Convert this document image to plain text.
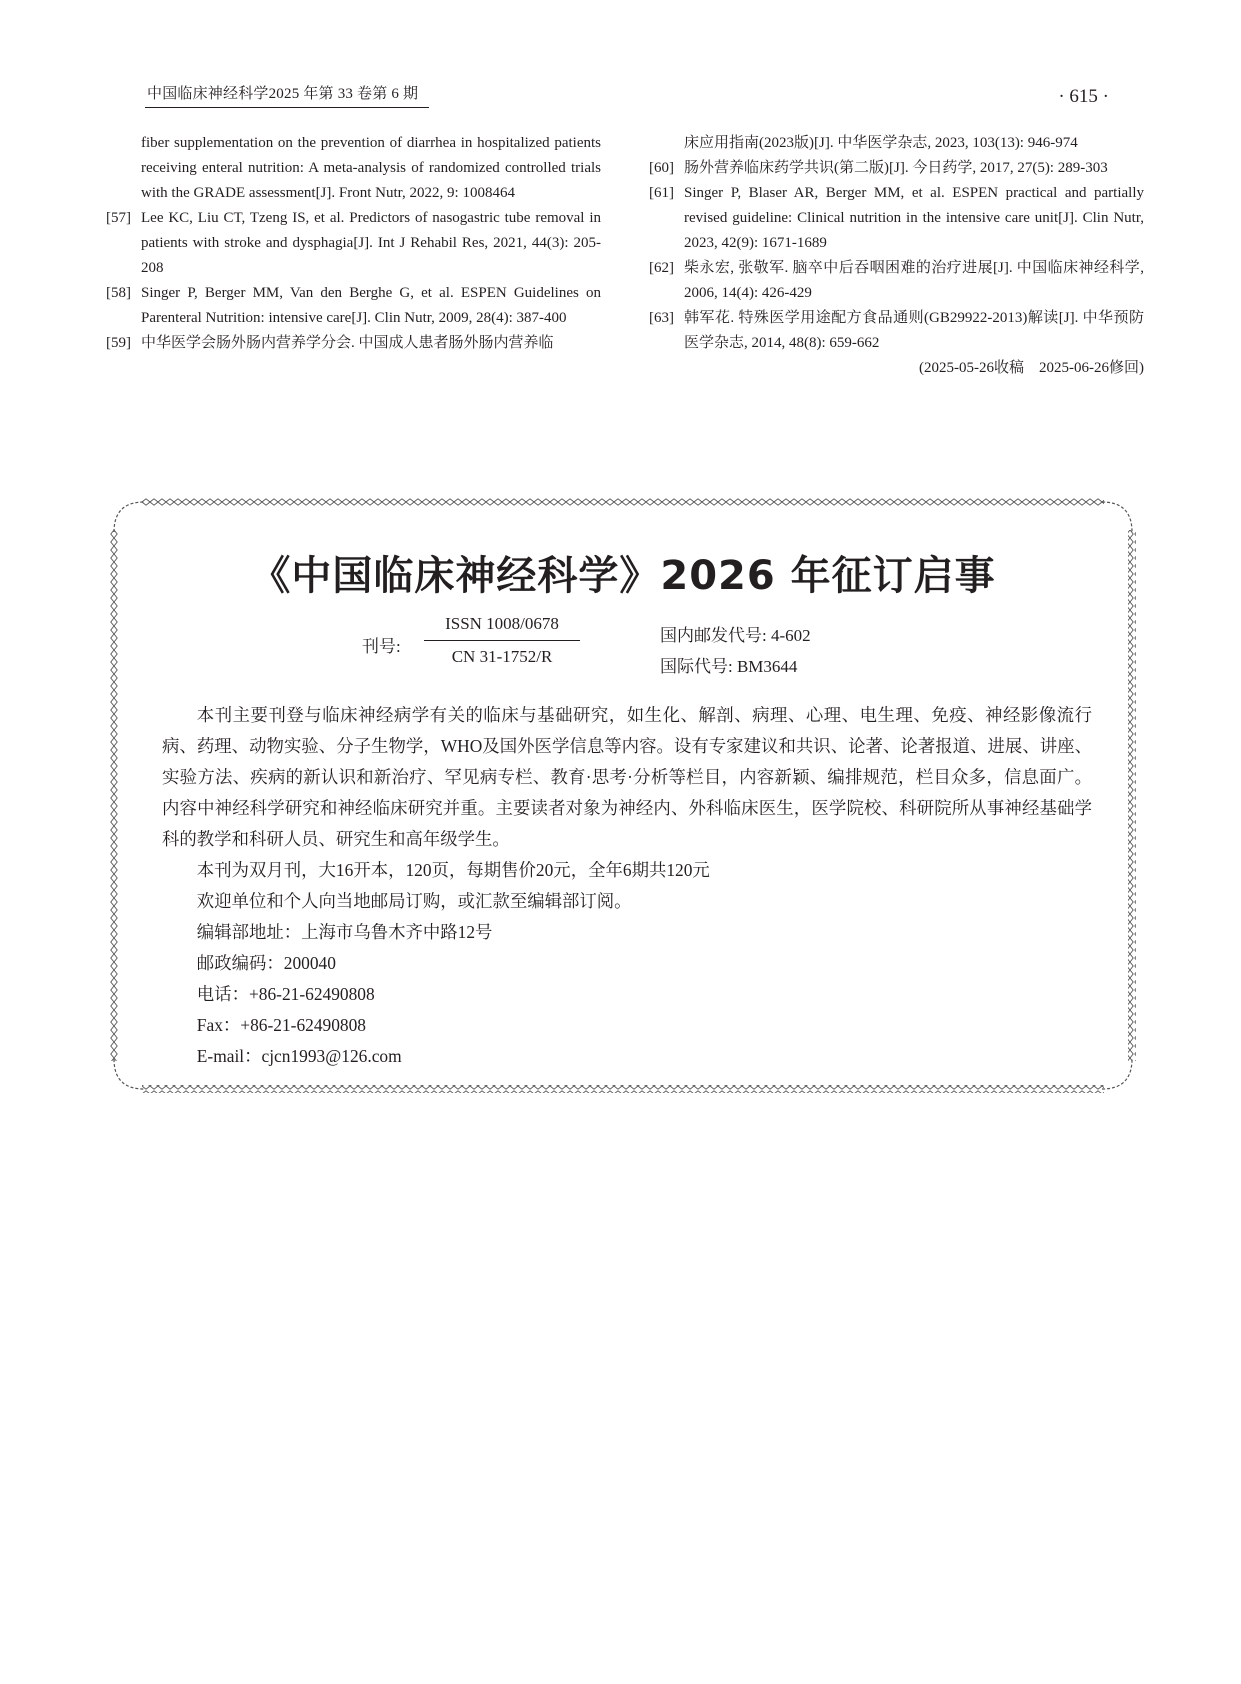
中国临床神经科学2025 年第 33 卷第 6 期	· 615 ·
fiber supplementation on the prevention of diarrhea in hospitalized patients receiving enteral nutrition: A meta-analysis of randomized controlled trials with the GRADE assessment[J]. Front Nutr, 2022, 9: 1008464
[57] Lee KC, Liu CT, Tzeng IS, et al. Predictors of nasogastric tube removal in patients with stroke and dysphagia[J]. Int J Rehabil Res, 2021, 44(3): 205-208
[58] Singer P, Berger MM, Van den Berghe G, et al. ESPEN Guidelines on Parenteral Nutrition: intensive care[J]. Clin Nutr, 2009, 28(4): 387-400
[59] 中华医学会肠外肠内营养学分会. 中国成人患者肠外肠内营养临
床应用指南(2023版)[J]. 中华医学杂志, 2023, 103(13): 946-974
[60] 肠外营养临床药学共识(第二版)[J]. 今日药学, 2017, 27(5): 289-303
[61] Singer P, Blaser AR, Berger MM, et al. ESPEN practical and partially revised guideline: Clinical nutrition in the intensive care unit[J]. Clin Nutr, 2023, 42(9): 1671-1689
[62] 柴永宏, 张敬军. 脑卒中后吞咽困难的治疗进展[J]. 中国临床神经科学, 2006, 14(4): 426-429
[63] 韩军花. 特殊医学用途配方食品通则(GB29922-2013)解读[J]. 中华预防医学杂志, 2014, 48(8): 659-662
(2025-05-26收稿　2025-06-26修回)
《中国临床神经科学》2026 年征订启事
刊号:
ISSN 1008/0678
CN 31-1752/R
国内邮发代号: 4-602
国际代号: BM3644

本刊主要刊登与临床神经病学有关的临床与基础研究，如生化、解剖、病理、心理、电生理、免疫、神经影像流行病、药理、动物实验、分子生物学，WHO及国外医学信息等内容。设有专家建议和共识、论著、论著报道、进展、讲座、实验方法、疾病的新认识和新治疗、罕见病专栏、教育·思考·分析等栏目，内容新颖、编排规范，栏目众多，信息面广。内容中神经科学研究和神经临床研究并重。主要读者对象为神经内、外科临床医生，医学院校、科研院所从事神经基础学科的教学和科研人员、研究生和高年级学生。

本刊为双月刊，大16开本，120页，每期售价20元，全年6期共120元

欢迎单位和个人向当地邮局订购，或汇款至编辑部订阅。

编辑部地址：上海市乌鲁木齐中路12号

邮政编码：200040

电话：+86-21-62490808

Fax：+86-21-62490808

E-mail：cjcn1993@126.com
